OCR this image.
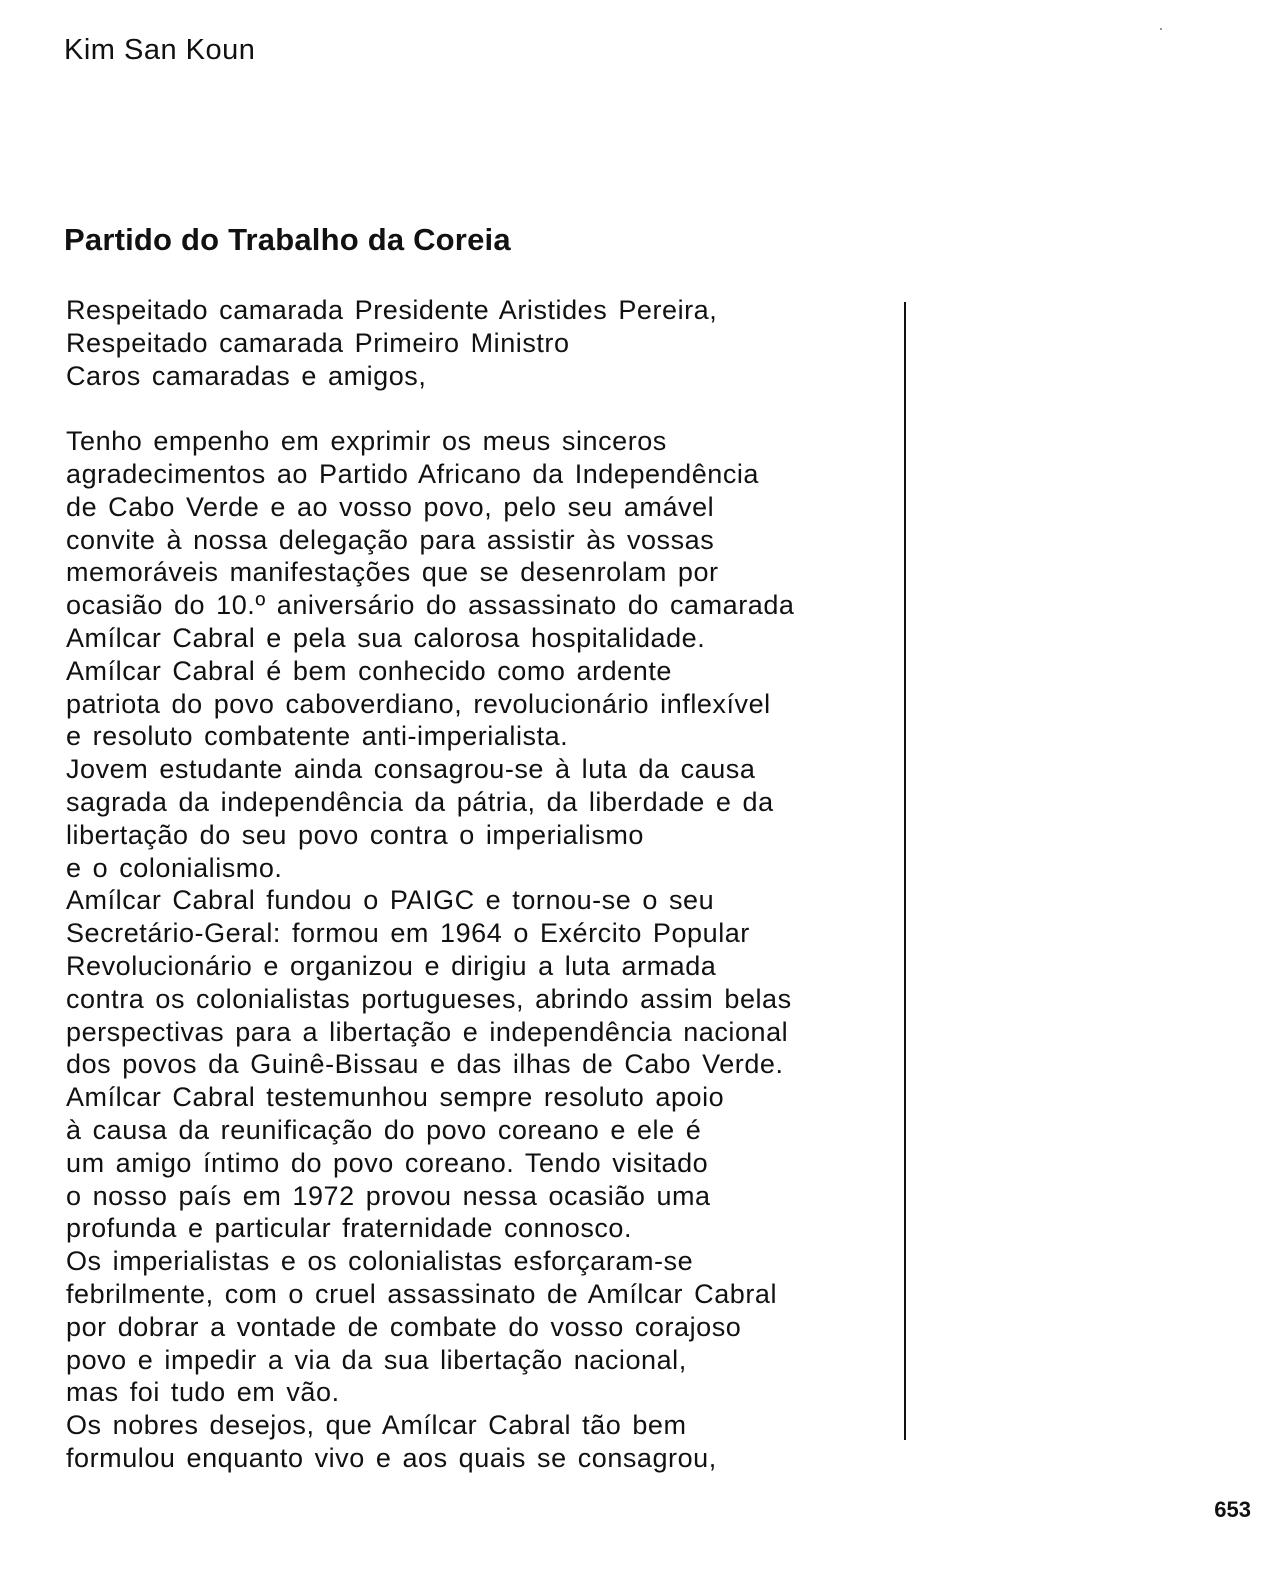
Kim San Koun
Partido do Trabalho da Coreia
Respeitado camarada Presidente Aristides Pereira,
Respeitado camarada Primeiro Ministro
Caros camaradas e amigos,
Tenho empenho em exprimir os meus sinceros
agradecimentos ao Partido Africano da Independência
de Cabo Verde e ao vosso povo, pelo seu amável
convite à nossa delegação para assistir às vossas
memoráveis manifestações que se desenrolam por
ocasião do 10.º aniversário do assassinato do camarada
Amílcar Cabral e pela sua calorosa hospitalidade.
Amílcar Cabral é bem conhecido como ardente
patriota do povo caboverdiano, revolucionário inflexível
e resoluto combatente anti-imperialista.
Jovem estudante ainda consagrou-se à luta da causa
sagrada da independência da pátria, da liberdade e da
libertação do seu povo contra o imperialismo
e o colonialismo.
Amílcar Cabral fundou o PAIGC e tornou-se o seu
Secretário-Geral: formou em 1964 o Exército Popular
Revolucionário e organizou e dirigiu a luta armada
contra os colonialistas portugueses, abrindo assim belas
perspectivas para a libertação e independência nacional
dos povos da Guinê-Bissau e das ilhas de Cabo Verde.
Amílcar Cabral testemunhou sempre resoluto apoio
à causa da reunificação do povo coreano e ele é
um amigo íntimo do povo coreano. Tendo visitado
o nosso país em 1972 provou nessa ocasião uma
profunda e particular fraternidade connosco.
Os imperialistas e os colonialistas esforçaram-se
febrilmente, com o cruel assassinato de Amílcar Cabral
por dobrar a vontade de combate do vosso corajoso
povo e impedir a via da sua libertação nacional,
mas foi tudo em vão.
Os nobres desejos, que Amílcar Cabral tão bem
formulou enquanto vivo e aos quais se consagrou,
653
